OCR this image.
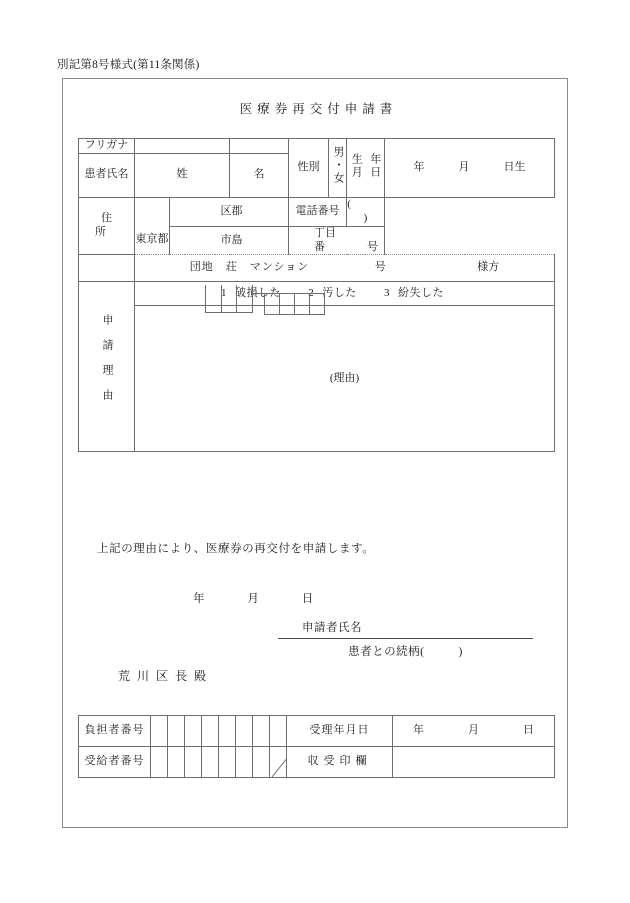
別記第8号様式(第11条関係)
医療券再交付申請書
フリガナ				性別	男・女	生月	年日	年 月 日生
患者氏名	姓		名					
住所		区郡		電話番号		(  )		
	東京都	市島		丁目番 号				
	団地　荘　マンション 号 様方							
申請理由	1 破損した 2 汚した 3 紛失した							
	(理由)							
上記の理由により、医療券の再交付を申請します。
年	月	日
申請者氏名
患者との続柄(	)
荒川区長殿
負担者番号									受理年月日	年 月 日
受給者番号									収受印欄	
